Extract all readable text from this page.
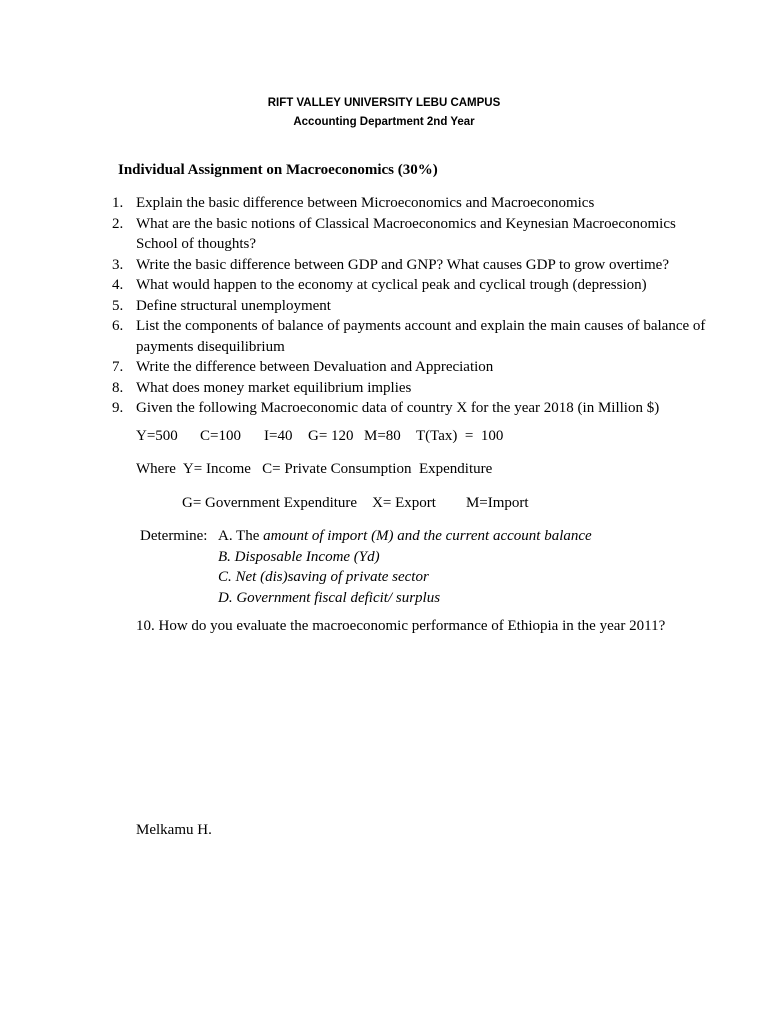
RIFT VALLEY UNIVERSITY LEBU CAMPUS
Accounting Department 2nd Year
Individual Assignment on Macroeconomics (30%)
1. Explain the basic difference between Microeconomics and Macroeconomics
2. What are the basic notions of Classical Macroeconomics and Keynesian Macroeconomics School of thoughts?
3. Write the basic difference between GDP and GNP? What causes GDP to grow overtime?
4. What would happen to the economy at cyclical peak and cyclical trough (depression)
5. Define structural unemployment
6. List the components of balance of payments account and explain the main causes of balance of payments disequilibrium
7. Write the difference between Devaluation and Appreciation
8. What does money market equilibrium implies
9. Given the following Macroeconomic data of country X for the year 2018 (in Million $)
Y=500 C=100 I=40 G= 120 M=80 T(Tax)  =  100
Where  Y= Income   C= Private Consumption  Expenditure
G= Government Expenditure    X= Export        M=Import
Determine: A. The amount of import (M) and the current account balance
B. Disposable Income (Yd)
C. Net (dis)saving of private sector
D. Government fiscal deficit/ surplus
10. How do you evaluate the macroeconomic performance of Ethiopia in the year 2011?
Melkamu H.
